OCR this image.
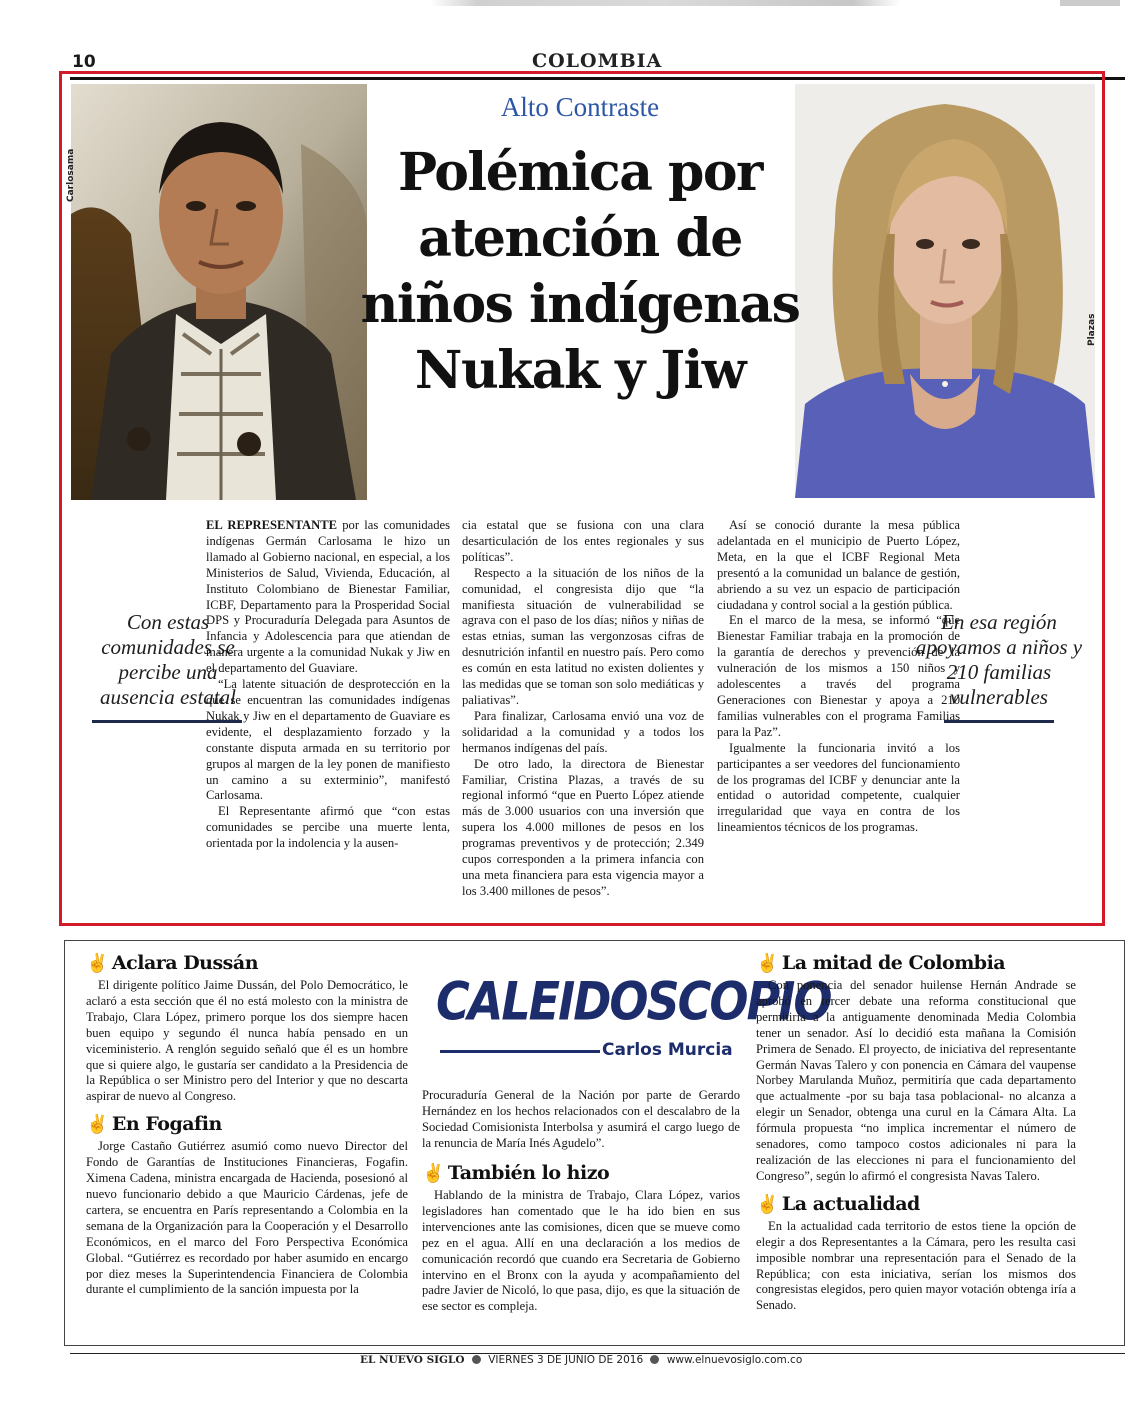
10	COLOMBIA
Carlosama
Plazas
Alto Contraste
Polémica por
atención de
niños indígenas
Nukak y Jiw
Con estas comunidades se percibe una ausencia estatal
En esa región apoyamos a niños y 210 familias vulnerables

EL REPRESENTANTE por las comunidades indígenas Germán Carlosama le hizo un llamado al Gobierno nacional, en especial, a los Ministerios de Salud, Vivienda, Educación, al Instituto Colombiano de Bienestar Familiar, ICBF, Departamento para la Prosperidad Social DPS y Procuraduría Delegada para Asuntos de Infancia y Adolescencia para que atiendan de manera urgente a la comunidad Nukak y Jiw en el departamento del Guaviare.

“La latente situación de desprotección en la que se encuentran las comunidades indígenas Nukak y Jiw en el departamento de Guaviare es evidente, el desplazamiento forzado y la constante disputa armada en su territorio por grupos al margen de la ley ponen de manifiesto un camino a su exterminio”, manifestó Carlosama.

El Representante afirmó que “con estas comunidades se percibe una muerte lenta, orientada por la indolencia y la ausen-

cia estatal que se fusiona con una clara desarticulación de los entes regionales y sus políticas”.

Respecto a la situación de los niños de la comunidad, el congresista dijo que “la manifiesta situación de vulnerabilidad se agrava con el paso de los días; niños y niñas de estas etnias, suman las vergonzosas cifras de desnutrición infantil en nuestro país. Pero como es común en esta latitud no existen dolientes y las medidas que se toman son solo mediáticas y paliativas”.

Para finalizar, Carlosama envió una voz de solidaridad a la comunidad y a todos los hermanos indígenas del país.

De otro lado, la directora de Bienestar Familiar, Cristina Plazas, a través de su regional informó “que en Puerto López atiende más de 3.000 usuarios con una inversión que supera los 4.000 millones de pesos en los programas preventivos y de protección; 2.349 cupos corresponden a la primera infancia con una meta financiera para esta vigencia mayor a los 3.400 millones de pesos”.

Así se conoció durante la mesa pública adelantada en el municipio de Puerto López, Meta, en la que el ICBF Regional Meta presentó a la comunidad un balance de gestión, abriendo a su vez un espacio de participación ciudadana y control social a la gestión pública.

En el marco de la mesa, se informó “que Bienestar Familiar trabaja en la promoción de la garantía de derechos y prevención de la vulneración de los mismos a 150 niños y adolescentes a través del programa Generaciones con Bienestar y apoya a 210 familias vulnerables con el programa Familias para la Paz”.

Igualmente la funcionaria invitó a los participantes a ser veedores del funcionamiento de los programas del ICBF y denunciar ante la entidad o autoridad competente, cualquier irregularidad que vaya en contra de los lineamientos técnicos de los programas.

✌ Aclara Dussán

El dirigente político Jaime Dussán, del Polo Democrático, le aclaró a esta sección que él no está molesto con la ministra de Trabajo, Clara López, primero porque los dos siempre hacen buen equipo y segundo él nunca había pensado en un viceministerio. A renglón seguido señaló que él es un hombre que si quiere algo, le gustaría ser candidato a la Presidencia de la República o ser Ministro pero del Interior y que no descarta aspirar de nuevo al Congreso.

✌ En Fogafin

Jorge Castaño Gutiérrez asumió como nuevo Director del Fondo de Garantías de Instituciones Financieras, Fogafin. Ximena Cadena, ministra encargada de Hacienda, posesionó al nuevo funcionario debido a que Mauricio Cárdenas, jefe de cartera, se encuentra en París representando a Colombia en la semana de la Organización para la Cooperación y el Desarrollo Económicos, en el marco del Foro Perspectiva Económica Global. “Gutiérrez es recordado por haber asumido en encargo por diez meses la Superintendencia Financiera de Colombia durante el cumplimiento de la sanción impuesta por la

CALEIDOSCOPIO
Carlos Murcia

Procuraduría General de la Nación por parte de Gerardo Hernández en los hechos relacionados con el descalabro de la Sociedad Comisionista Interbolsa y asumirá el cargo luego de la renuncia de María Inés Agudelo”.

✌ También lo hizo

Hablando de la ministra de Trabajo, Clara López, varios legisladores han comentado que le ha ido bien en sus intervenciones ante las comisiones, dicen que se mueve como pez en el agua. Allí en una declaración a los medios de comunicación recordó que cuando era Secretaria de Gobierno intervino en el Bronx con la ayuda y acompañamiento del padre Javier de Nicoló, lo que pasa, dijo, es que la situación de ese sector es compleja.

✌ La mitad de Colombia

Con ponencia del senador huilense Hernán Andrade se aprobó en tercer debate una reforma constitucional que permitiría a la antiguamente denominada Media Colombia tener un senador. Así lo decidió esta mañana la Comisión Primera de Senado. El proyecto, de iniciativa del representante Germán Navas Talero y con ponencia en Cámara del vaupense Norbey Marulanda Muñoz, permitiría que cada departamento que actualmente -por su baja tasa poblacional- no alcanza a elegir un Senador, obtenga una curul en la Cámara Alta. La fórmula propuesta “no implica incrementar el número de senadores, como tampoco costos adicionales ni para la realización de las elecciones ni para el funcionamiento del Congreso”, según lo afirmó el congresista Navas Talero.

✌ La actualidad

En la actualidad cada territorio de estos tiene la opción de elegir a dos Representantes a la Cámara, pero les resulta casi imposible nombrar una representación para el Senado de la República; con esta iniciativa, serían los mismos dos congresistas elegidos, pero quien mayor votación obtenga iría a Senado.

EL NUEVO SIGLO VIERNES 3 DE JUNIO DE 2016 www.elnuevosiglo.com.co
